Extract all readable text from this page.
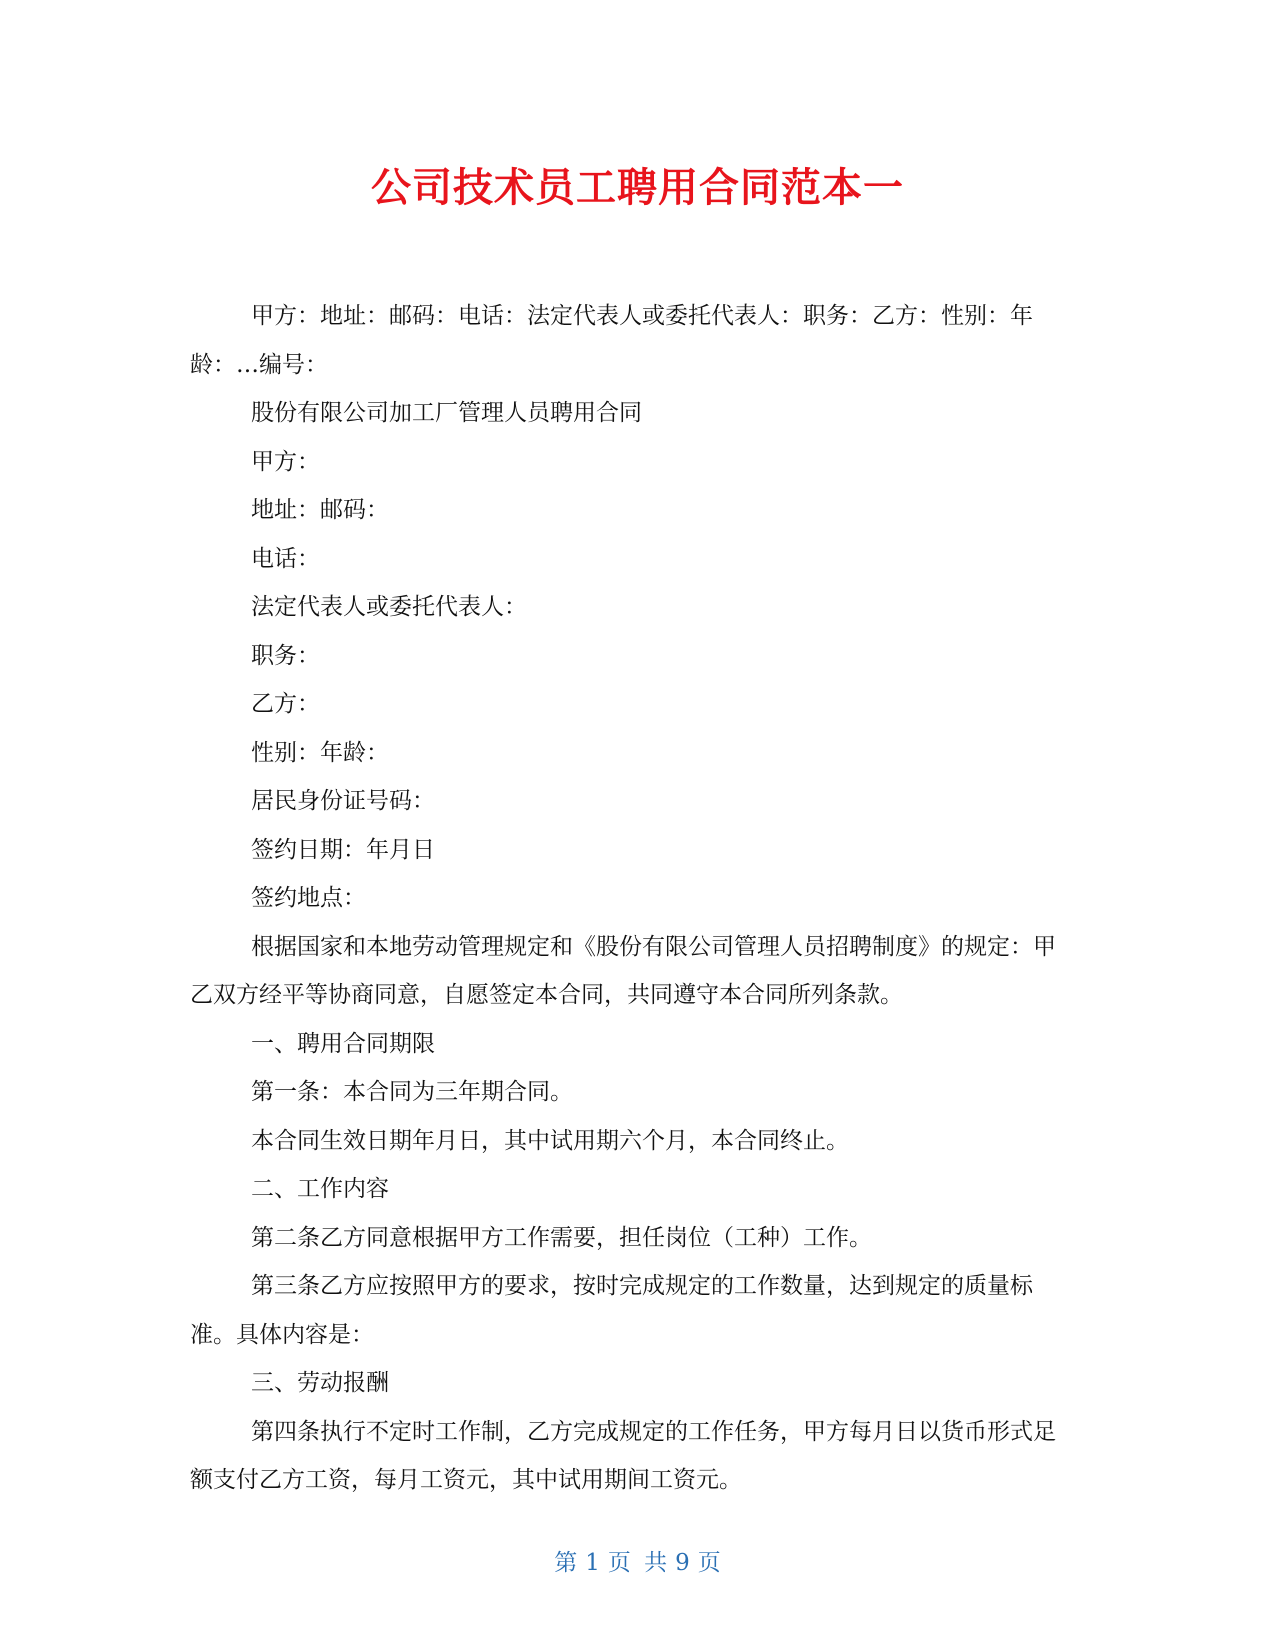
公司技术员工聘用合同范本一

甲方：地址：邮码：电话：法定代表人或委托代表人：职务：乙方：性别：年龄：…编号：

股份有限公司加工厂管理人员聘用合同

甲方：

地址：邮码：

电话：

法定代表人或委托代表人：

职务：

乙方：

性别：年龄：

居民身份证号码：

签约日期：年月日

签约地点：

根据国家和本地劳动管理规定和《股份有限公司管理人员招聘制度》的规定：甲乙双方经平等协商同意，自愿签定本合同，共同遵守本合同所列条款。

一、聘用合同期限

第一条：本合同为三年期合同。

本合同生效日期年月日，其中试用期六个月，本合同终止。

二、工作内容

第二条乙方同意根据甲方工作需要，担任岗位（工种）工作。

第三条乙方应按照甲方的要求，按时完成规定的工作数量，达到规定的质量标准。具体内容是：

三、劳动报酬

第四条执行不定时工作制，乙方完成规定的工作任务，甲方每月日以货币形式足额支付乙方工资，每月工资元，其中试用期间工资元。

第 1 页 共 9 页
